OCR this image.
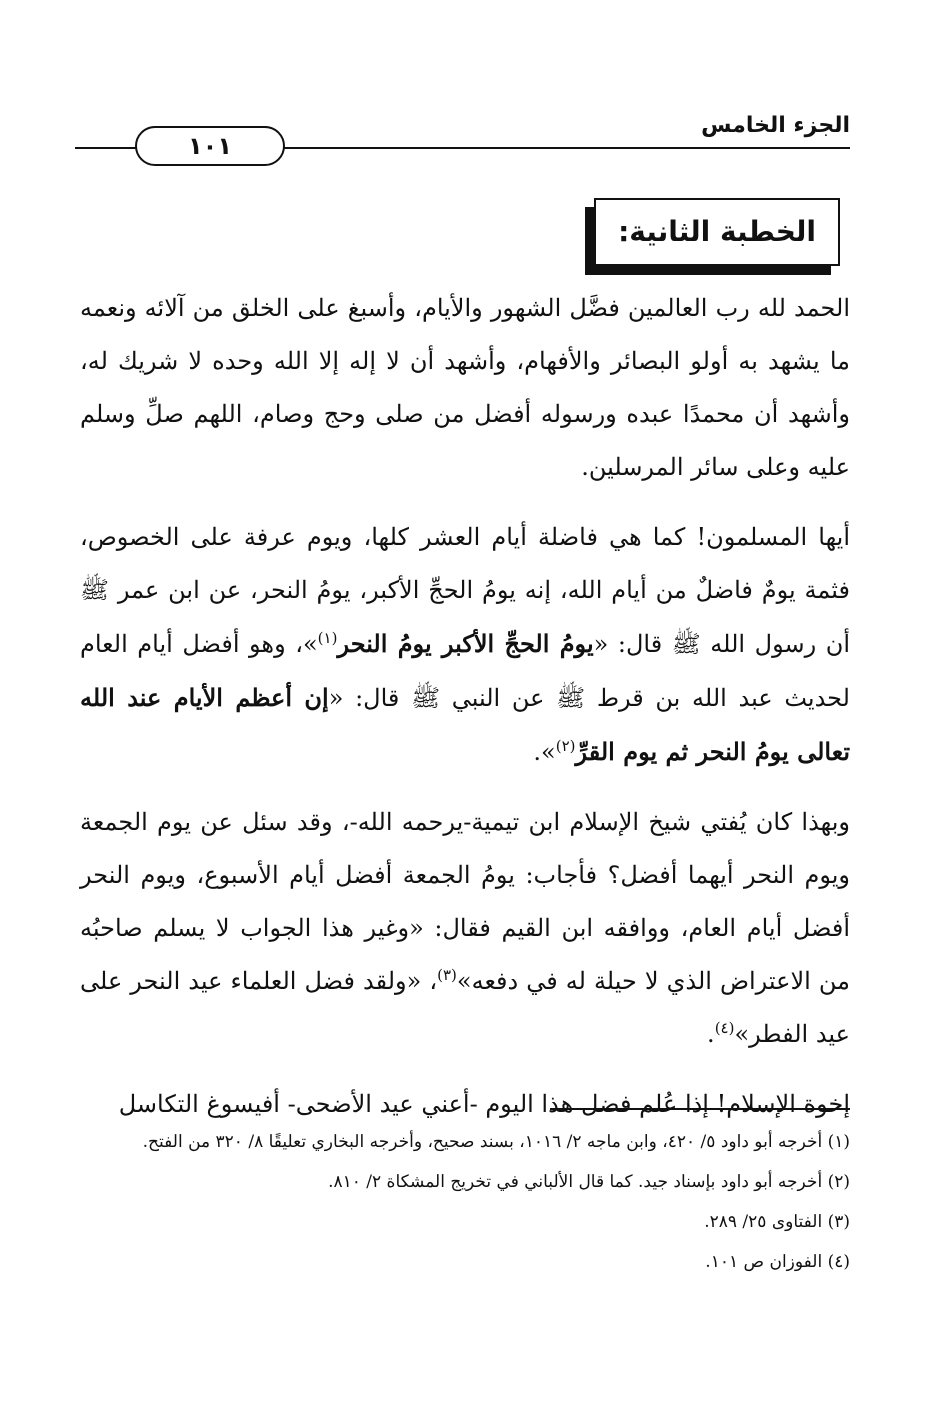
الجزء الخامس
١٠١
الخطبة الثانية:

الحمد لله رب العالمين فضَّل الشهور والأيام، وأسبغ على الخلق من آلائه ونعمه ما يشهد به أولو البصائر والأفهام، وأشهد أن لا إله إلا الله وحده لا شريك له، وأشهد أن محمدًا عبده ورسوله أفضل من صلى وحج وصام، اللهم صلِّ وسلم عليه وعلى سائر المرسلين.

أيها المسلمون! كما هي فاضلة أيام العشر كلها، ويوم عرفة على الخصوص، فثمة يومٌ فاضلٌ من أيام الله، إنه يومُ الحجِّ الأكبر، يومُ النحر، عن ابن عمر ﷺ أن رسول الله ﷺ قال: «يومُ الحجِّ الأكبر يومُ النحر$^{(١)}$»، وهو أفضل أيام العام لحديث عبد الله بن قرط ﷺ عن النبي ﷺ قال: «إن أعظم الأيام عند الله تعالى يومُ النحر ثم يوم القرِّ$^{(٢)}$».

وبهذا كان يُفتي شيخ الإسلام ابن تيمية-يرحمه الله-، وقد سئل عن يوم الجمعة ويوم النحر أيهما أفضل؟ فأجاب: يومُ الجمعة أفضل أيام الأسبوع، ويوم النحر أفضل أيام العام، ووافقه ابن القيم فقال: «وغير هذا الجواب لا يسلم صاحبُه من الاعتراض الذي لا حيلة له في دفعه»$^{(٣)}$، «ولقد فضل العلماء عيد النحر على عيد الفطر»$^{(٤)}$.

إخوة الإسلام! إذا عُلم فضل هذا اليوم -أعني عيد الأضحى- أفيسوغ التكاسل

(١) أخرجه أبو داود ٥/ ٤٢٠، وابن ماجه ٢/ ١٠١٦، بسند صحيح، وأخرجه البخاري تعليقًا ٨/ ٣٢٠ من الفتح.
(٢) أخرجه أبو داود بإسناد جيد. كما قال الألباني في تخريج المشكاة ٢/ ٨١٠.
(٣) الفتاوى ٢٥/ ٢٨٩.
(٤) الفوزان ص ١٠١.
